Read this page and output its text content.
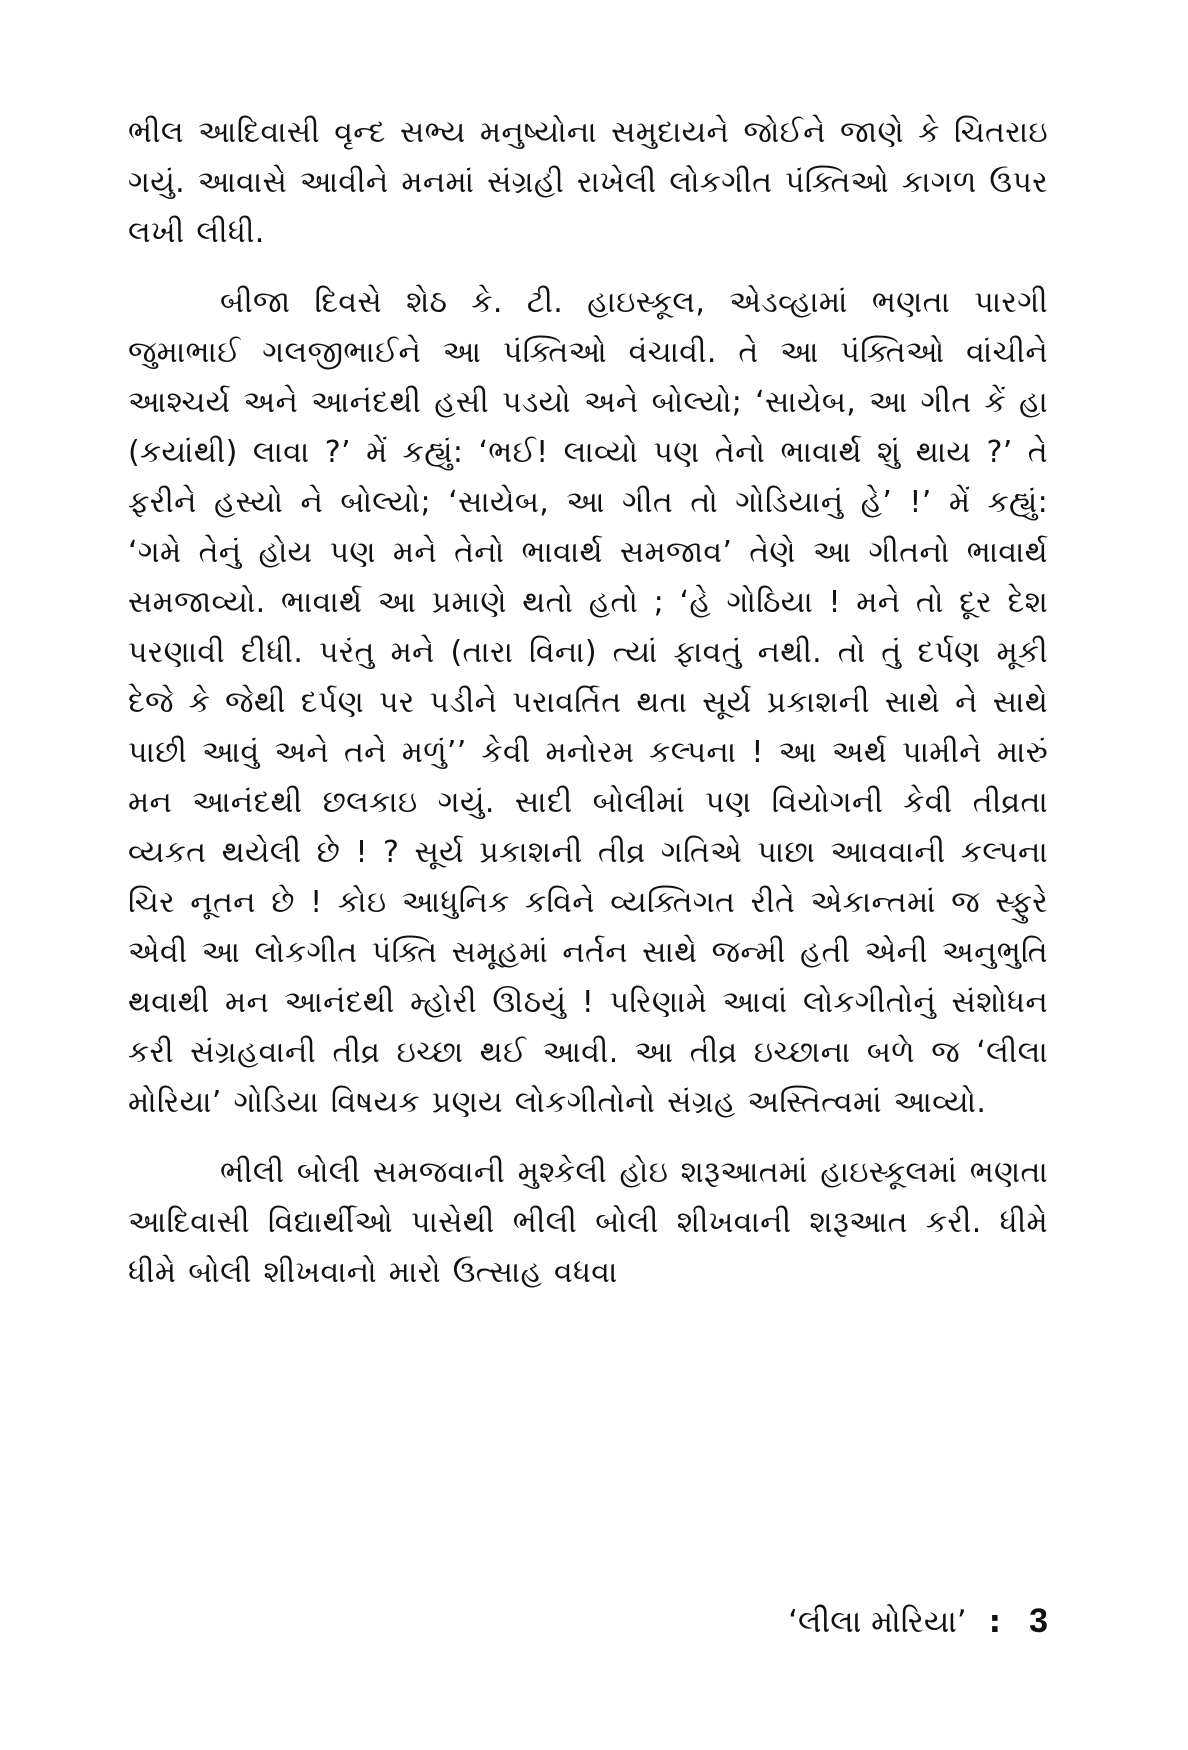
ભીલ આદિવાસી વૃન્દ સભ્ય મનુષ્યોના સમુદાયને જોઈને જાણે કે ચિતરાઇ ગયું. આવાસે આવીને મનમાં સંગ્રહી રાખેલી લોકગીત પંક્તિઓ કાગળ ઉપર લખી લીધી.

બીજા દિવસે શેઠ કે. ટી. હાઇસ્કૂલ, એડવ્હામાં ભણતા પારગી જુમાભાઈ ગલજીભાઈને આ પંક્તિઓ વંચાવી. તે આ પંક્તિઓ વાંચીને આશ્ચર્ય અને આનંદથી હસી પડયો અને બોલ્યો; ‘સાયેબ, આ ગીત કેં હા (કયાંથી) લાવા ?’ મેં કહ્યું: ‘ભઈ! લાવ્યો પણ તેનો ભાવાર્થ શું થાય ?’ તે ફરીને હસ્યો ને બોલ્યો; ‘સાયેબ, આ ગીત તો ગોડિયાનું હે’ !’ મેં કહ્યું: ‘ગમે તેનું હોય પણ મને તેનો ભાવાર્થ સમજાવ’ તેણે આ ગીતનો ભાવાર્થ સમજાવ્યો. ભાવાર્થ આ પ્રમાણે થતો હતો ; ‘હે ગોઠિયા ! મને તો દૂર દેશ પરણાવી દીધી. પરંતુ મને (તારા વિના) ત્યાં ફાવતું નથી. તો તું દર્પણ મૂકી દેજે કે જેથી દર્પણ પર પડીને પરાવર્તિત થતા સૂર્ય પ્રકાશની સાથે ને સાથે પાછી આવું અને તને મળું’’ કેવી મનોરમ કલ્પના ! આ અર્થ પામીને મારું મન આનંદથી છલકાઇ ગયું. સાદી બોલીમાં પણ વિયોગની કેવી તીવ્રતા વ્યકત થયેલી છે ! ? સૂર્ય પ્રકાશની તીવ્ર ગતિએ પાછા આવવાની કલ્પના ચિર નૂતન છે ! કોઇ આધુનિક કવિને વ્યક્તિગત રીતે એકાન્તમાં જ સ્ફુરે એવી આ લોકગીત પંક્તિ સમૂહમાં નર્તન સાથે જન્મી હતી એની અનુભુતિ થવાથી મન આનંદથી મ્હોરી ઊઠયું ! પરિણામે આવાં લોકગીતોનું સંશોધન કરી સંગ્રહવાની તીવ્ર ઇચ્છા થઈ આવી. આ તીવ્ર ઇચ્છાના બળે જ ‘લીલા મોરિયા’ ગોડિયા વિષયક પ્રણય લોકગીતોનો સંગ્રહ અસ્તિત્વમાં આવ્યો.

ભીલી બોલી સમજવાની મુશ્કેલી હોઇ શરૂઆતમાં હાઇસ્કૂલમાં ભણતા આદિવાસી વિદ્યાર્થીઓ પાસેથી ભીલી બોલી શીખવાની શરૂઆત કરી. ધીમે ધીમે બોલી શીખવાનો મારો ઉત્સાહ વધવા

‘લીલા મોરિયા’ : 3
